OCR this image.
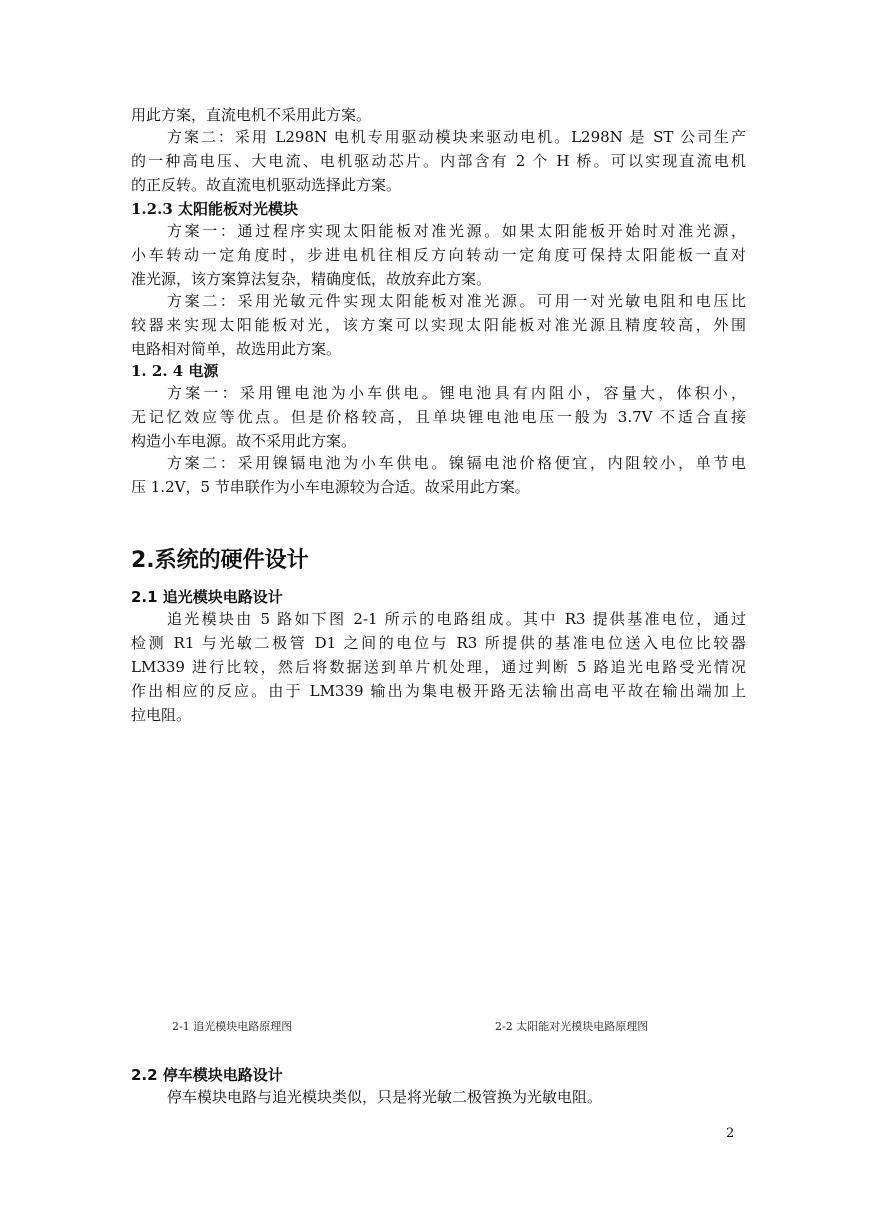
用此方案，直流电机不采用此方案。
方案二：采用 L298N 电机专用驱动模块来驱动电机。L298N 是 ST 公司生产
的一种高电压、大电流、电机驱动芯片。内部含有 2 个 H 桥。可以实现直流电机
的正反转。故直流电机驱动选择此方案。
1.2.3 太阳能板对光模块
方案一：通过程序实现太阳能板对准光源。如果太阳能板开始时对准光源，
小车转动一定角度时，步进电机往相反方向转动一定角度可保持太阳能板一直对
准光源，该方案算法复杂，精确度低，故放弃此方案。
方案二：采用光敏元件实现太阳能板对准光源。可用一对光敏电阻和电压比
较器来实现太阳能板对光，该方案可以实现太阳能板对准光源且精度较高，外围
电路相对简单，故选用此方案。
1. 2. 4 电源
方案一：采用锂电池为小车供电。锂电池具有内阻小，容量大，体积小，
无记忆效应等优点。但是价格较高，且单块锂电池电压一般为 3.7V 不适合直接
构造小车电源。故不采用此方案。
方案二：采用镍镉电池为小车供电。镍镉电池价格便宜，内阻较小，单节电
压 1.2V，5 节串联作为小车电源较为合适。故采用此方案。
2.系统的硬件设计
2.1 追光模块电路设计
追光模块由 5 路如下图 2-1 所示的电路组成。其中 R3 提供基准电位，通过
检测 R1 与光敏二极管 D1 之间的电位与 R3 所提供的基准电位送入电位比较器
LM339 进行比较，然后将数据送到单片机处理，通过判断 5 路追光电路受光情况
作出相应的反应。由于 LM339 输出为集电极开路无法输出高电平故在输出端加上
拉电阻。
2-1 追光模块电路原理图	2-2 太阳能对光模块电路原理图
2.2 停车模块电路设计
停车模块电路与追光模块类似，只是将光敏二极管换为光敏电阻。
2
